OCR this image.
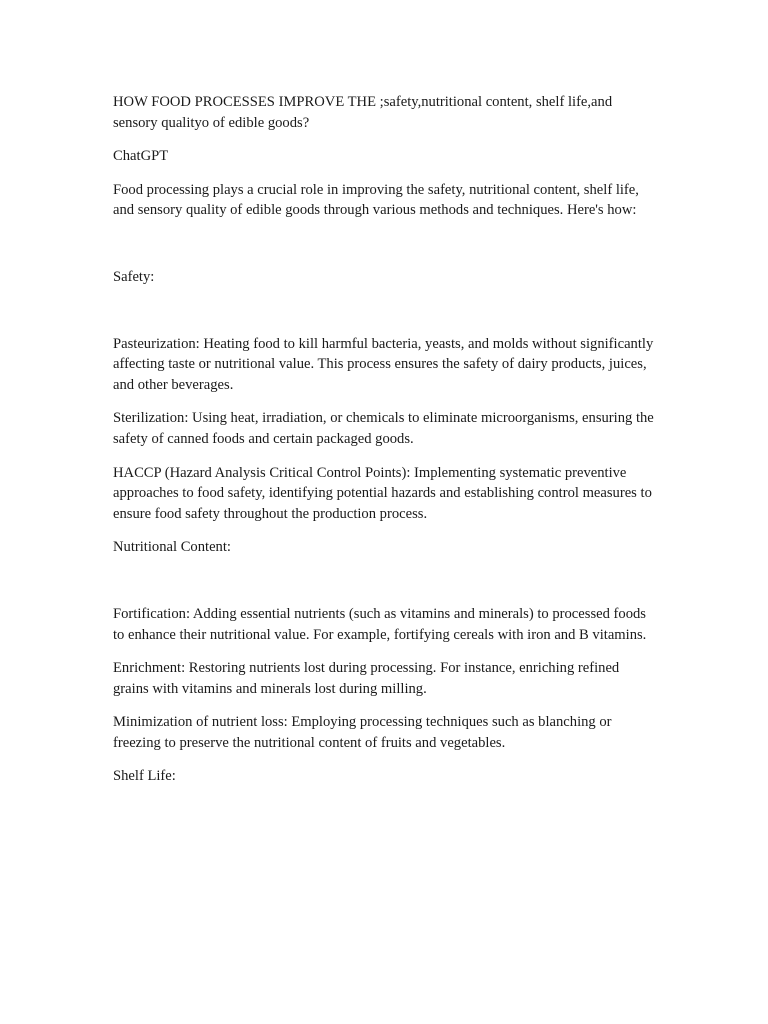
HOW FOOD PROCESSES IMPROVE THE ;safety,nutritional content, shelf life,and sensory qualityo of edible goods?

ChatGPT

Food processing plays a crucial role in improving the safety, nutritional content, shelf life, and sensory quality of edible goods through various methods and techniques. Here's how:

Safety:

Pasteurization: Heating food to kill harmful bacteria, yeasts, and molds without significantly affecting taste or nutritional value. This process ensures the safety of dairy products, juices, and other beverages.

Sterilization: Using heat, irradiation, or chemicals to eliminate microorganisms, ensuring the safety of canned foods and certain packaged goods.

HACCP (Hazard Analysis Critical Control Points): Implementing systematic preventive approaches to food safety, identifying potential hazards and establishing control measures to ensure food safety throughout the production process.

Nutritional Content:

Fortification: Adding essential nutrients (such as vitamins and minerals) to processed foods to enhance their nutritional value. For example, fortifying cereals with iron and B vitamins.

Enrichment: Restoring nutrients lost during processing. For instance, enriching refined grains with vitamins and minerals lost during milling.

Minimization of nutrient loss: Employing processing techniques such as blanching or freezing to preserve the nutritional content of fruits and vegetables.

Shelf Life:
